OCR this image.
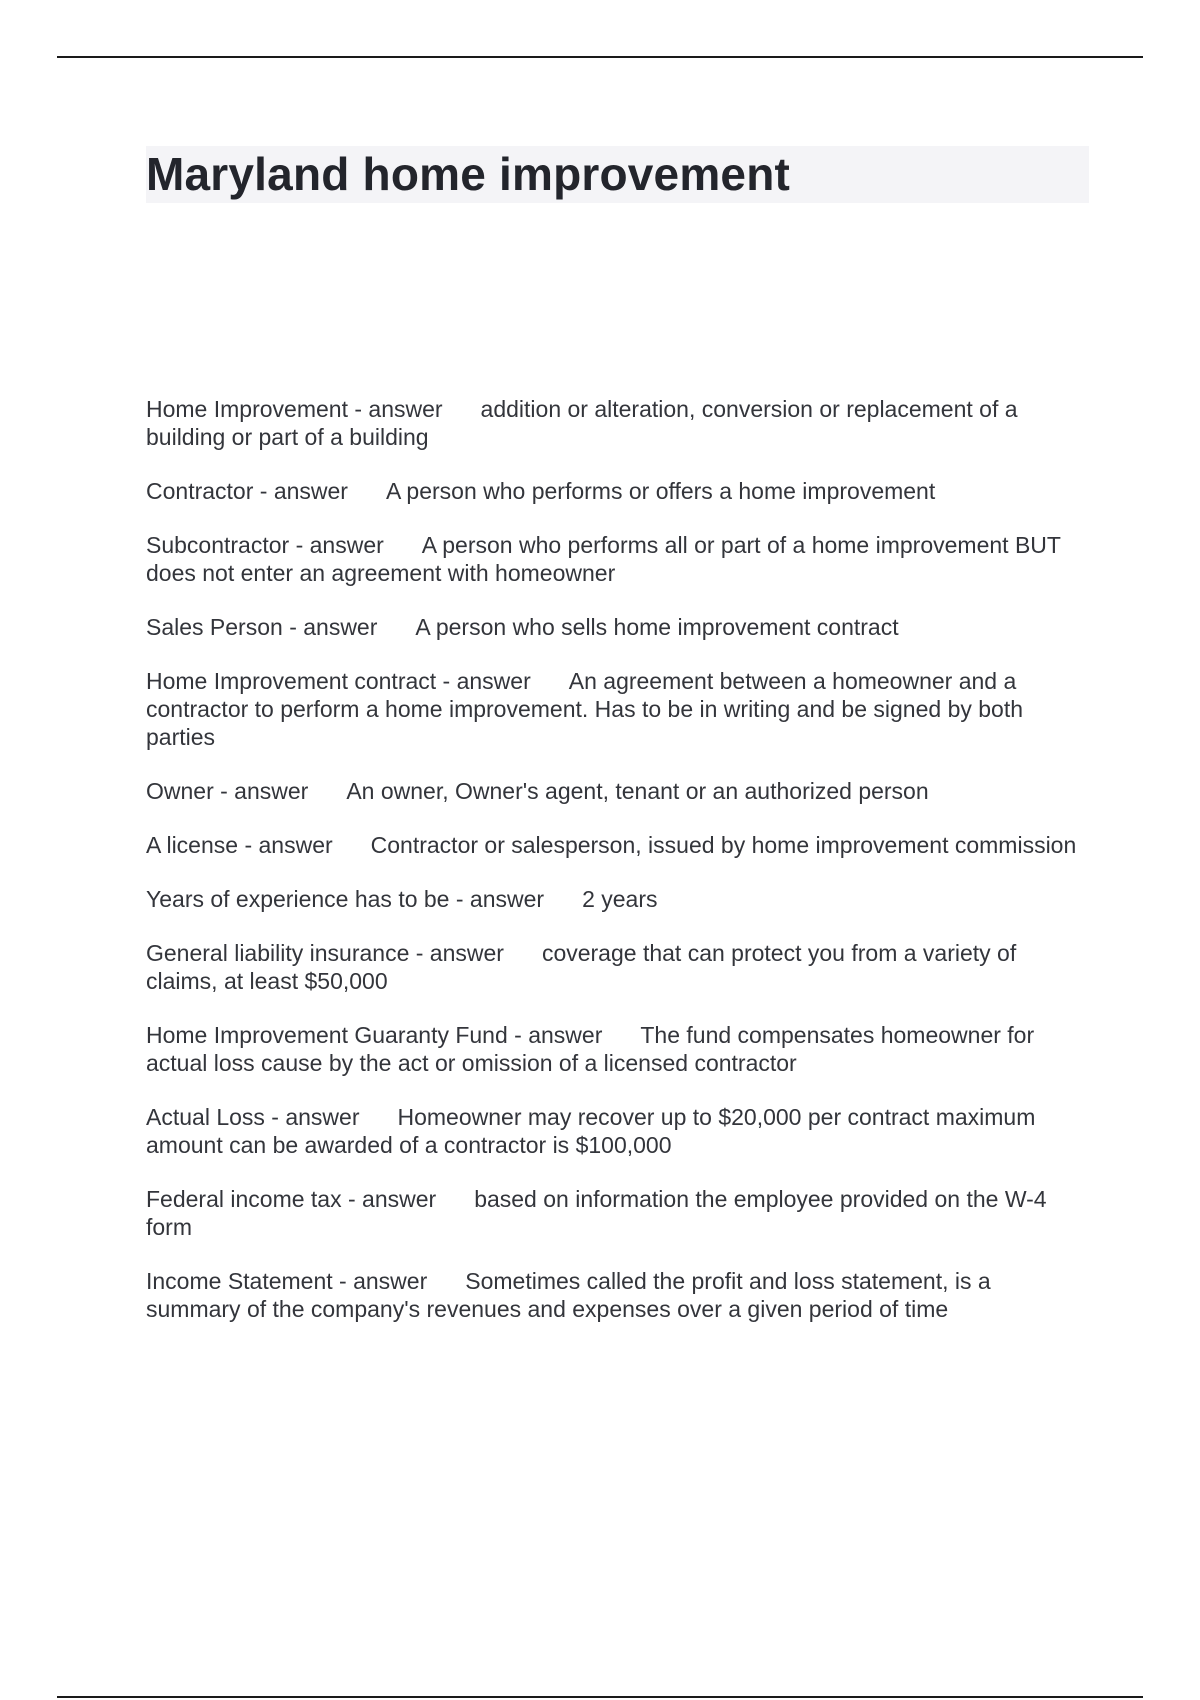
Maryland home improvement

Home Improvement - answer addition or alteration, conversion or replacement of a building or part of a building

Contractor - answer A person who performs or offers a home improvement

Subcontractor - answer A person who performs all or part of a home improvement BUT does not enter an agreement with homeowner

Sales Person - answer A person who sells home improvement contract

Home Improvement contract - answer An agreement between a homeowner and a contractor to perform a home improvement. Has to be in writing and be signed by both parties

Owner - answer An owner, Owner's agent, tenant or an authorized person

A license - answer Contractor or salesperson, issued by home improvement commission

Years of experience has to be - answer 2 years

General liability insurance - answer coverage that can protect you from a variety of claims, at least $50,000

Home Improvement Guaranty Fund - answer The fund compensates homeowner for actual loss cause by the act or omission of a licensed contractor

Actual Loss - answer Homeowner may recover up to $20,000 per contract maximum amount can be awarded of a contractor is $100,000

Federal income tax - answer based on information the employee provided on the W-4 form

Income Statement - answer Sometimes called the profit and loss statement, is a summary of the company's revenues and expenses over a given period of time
